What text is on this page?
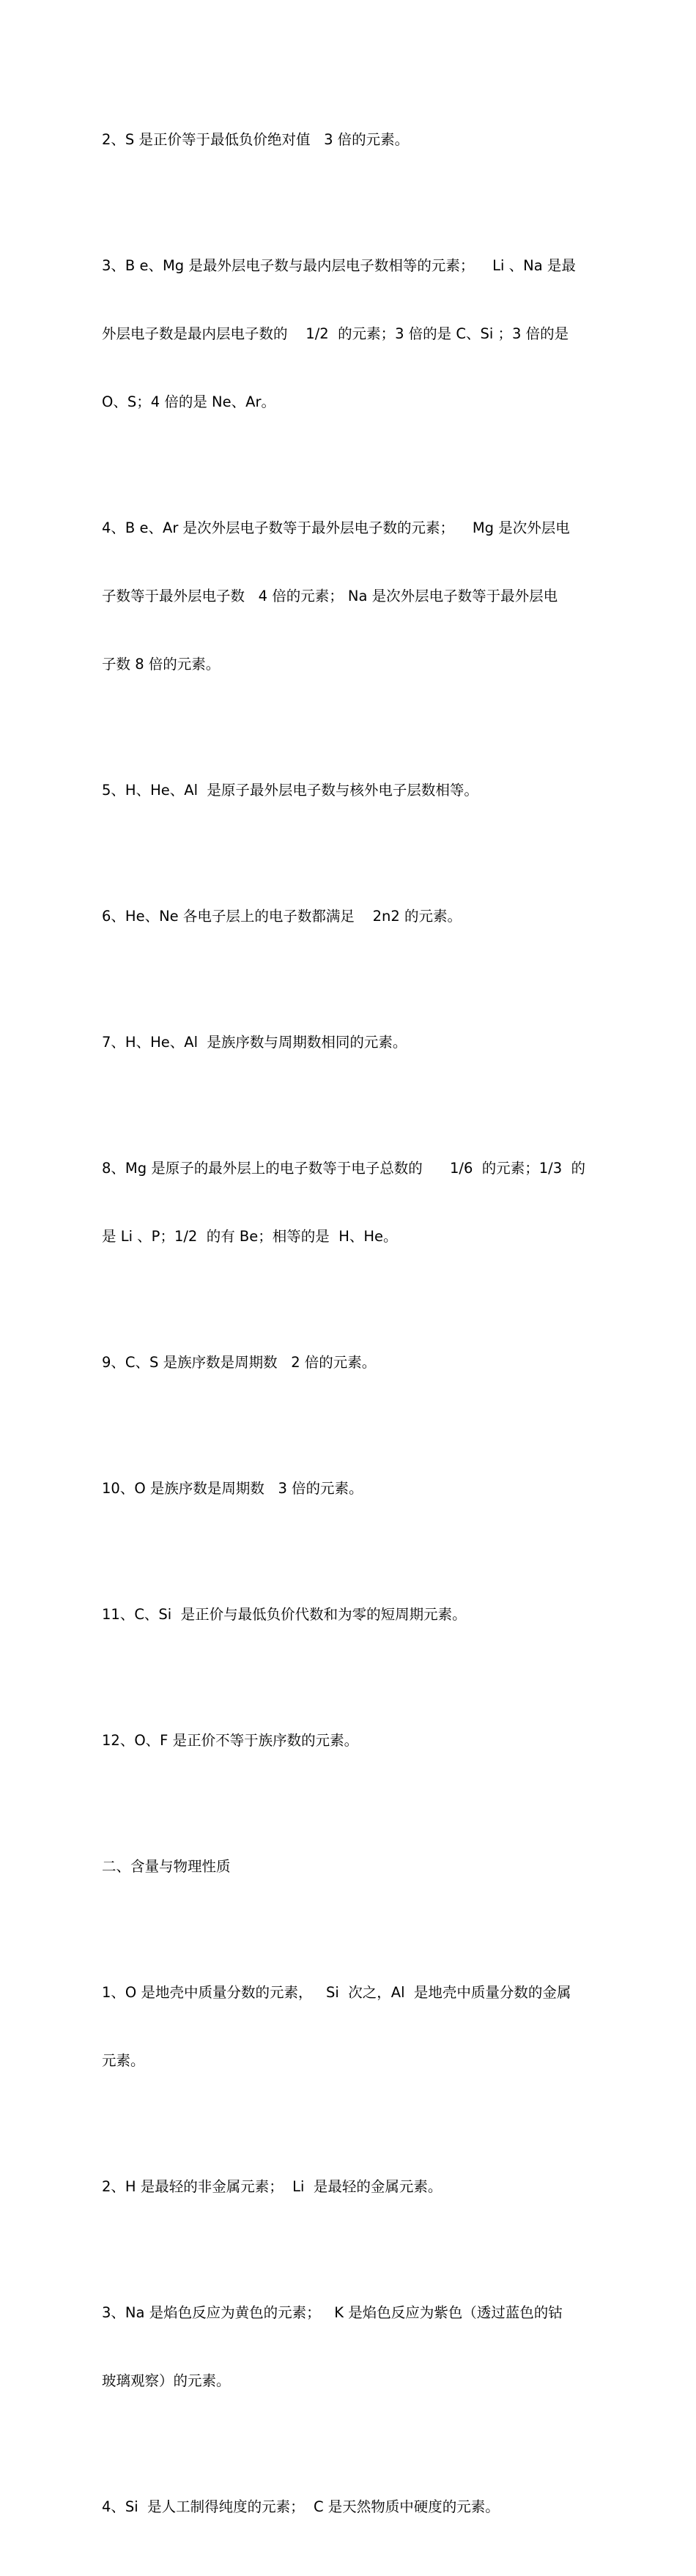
2、S 是正价等于最低负价绝对值   3 倍的元素。

3、B e、Mg 是最外层电子数与最内层电子数相等的元素；    Li 、Na 是最

外层电子数是最内层电子数的    1/2  的元素；3 倍的是 C、Si ；3 倍的是

O、S；4 倍的是 Ne、Ar。

4、B e、Ar 是次外层电子数等于最外层电子数的元素；    Mg 是次外层电

子数等于最外层电子数   4 倍的元素； Na 是次外层电子数等于最外层电

子数 8 倍的元素。

5、H、He、Al  是原子最外层电子数与核外电子层数相等。

6、He、Ne 各电子层上的电子数都满足    2n2 的元素。

7、H、He、Al  是族序数与周期数相同的元素。

8、Mg 是原子的最外层上的电子数等于电子总数的      1/6  的元素；1/3  的

是 Li 、P；1/2  的有 Be；相等的是  H、He。

9、C、S 是族序数是周期数   2 倍的元素。

10、O 是族序数是周期数   3 倍的元素。

11、C、Si  是正价与最低负价代数和为零的短周期元素。

12、O、F 是正价不等于族序数的元素。

二、含量与物理性质

1、O 是地壳中质量分数的元素，   Si  次之，Al  是地壳中质量分数的金属

元素。

2、H 是最轻的非金属元素；  Li  是最轻的金属元素。

3、Na 是焰色反应为黄色的元素；   K 是焰色反应为紫色（透过蓝色的钴

玻璃观察）的元素。

4、Si  是人工制得纯度的元素；  C 是天然物质中硬度的元素。
